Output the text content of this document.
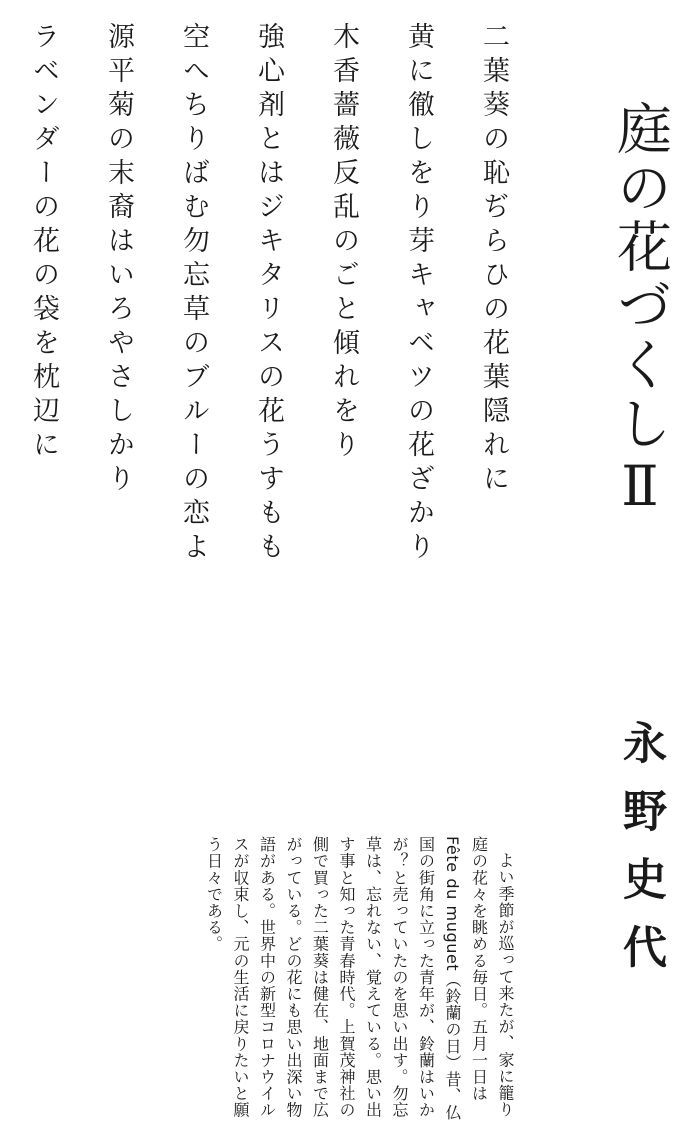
二葉葵の恥ぢらひの花葉隠れに
黄に徹しをり芽キャベツの花ざかり
木香薔薇反乱のごと傾れをり
強心剤とはジキタリスの花うすもも
空へちりばむ勿忘草のブルーの恋よ
源平菊の末裔はいろやさしかり
ラベンダーの花の袋を枕辺に	庭の花づくしⅡ
永野史代

よい季節が巡って来たが、家に籠り庭の花々を眺める毎日。五月一日はFête du muguet（鈴蘭の日）昔、仏国の街角に立った青年が、鈴蘭はいかが？と売っていたのを思い出す。勿忘草は、忘れない、覚えている。思い出す事と知った青春時代。上賀茂神社の側で買った二葉葵は健在、地面まで広がっている。どの花にも思い出深い物語がある。世界中の新型コロナウイルスが収束し、元の生活に戻りたいと願う日々である。
